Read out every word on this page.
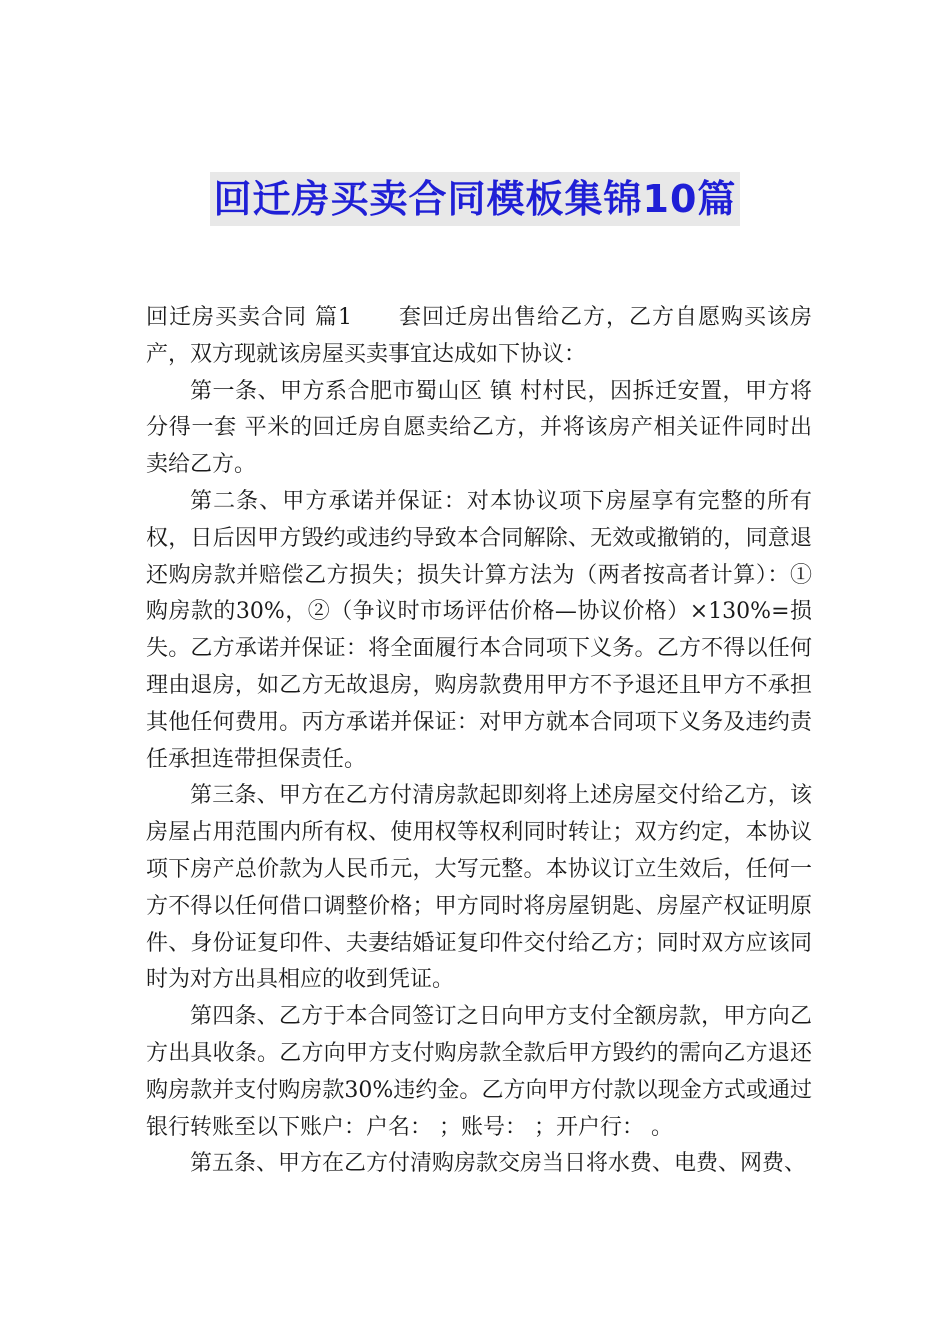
回迁房买卖合同模板集锦10篇

回迁房买卖合同 篇1 套回迁房出售给乙方，乙方自愿购买该房产，双方现就该房屋买卖事宜达成如下协议：

第一条、甲方系合肥市蜀山区 镇 村村民，因拆迁安置，甲方将分得一套 平米的回迁房自愿卖给乙方，并将该房产相关证件同时出卖给乙方。

第二条、甲方承诺并保证：对本协议项下房屋享有完整的所有权，日后因甲方毁约或违约导致本合同解除、无效或撤销的，同意退还购房款并赔偿乙方损失；损失计算方法为（两者按高者计算）：①购房款的30%，②（争议时市场评估价格—协议价格）×130%=损失。乙方承诺并保证：将全面履行本合同项下义务。乙方不得以任何理由退房，如乙方无故退房，购房款费用甲方不予退还且甲方不承担其他任何费用。丙方承诺并保证：对甲方就本合同项下义务及违约责任承担连带担保责任。

第三条、甲方在乙方付清房款起即刻将上述房屋交付给乙方，该房屋占用范围内所有权、使用权等权利同时转让；双方约定，本协议项下房产总价款为人民币元，大写元整。本协议订立生效后，任何一方不得以任何借口调整价格；甲方同时将房屋钥匙、房屋产权证明原件、身份证复印件、夫妻结婚证复印件交付给乙方；同时双方应该同时为对方出具相应的收到凭证。

第四条、乙方于本合同签订之日向甲方支付全额房款，甲方向乙方出具收条。乙方向甲方支付购房款全款后甲方毁约的需向乙方退还购房款并支付购房款30%违约金。乙方向甲方付款以现金方式或通过银行转账至以下账户：户名： ；账号： ；开户行： 。

第五条、甲方在乙方付清购房款交房当日将水费、电费、网费、
